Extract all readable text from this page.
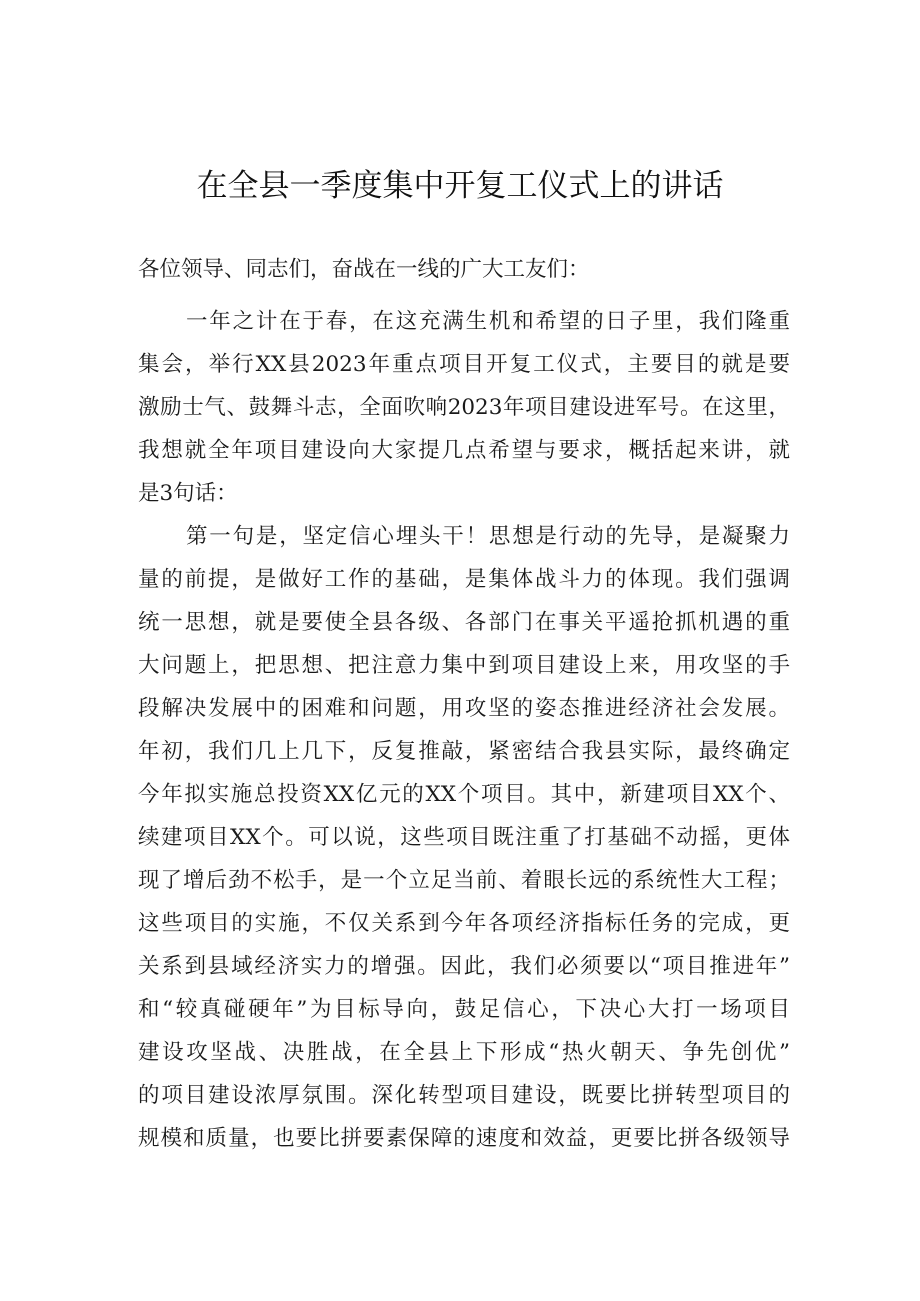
在全县一季度集中开复工仪式上的讲话
各位领导、同志们，奋战在一线的广大工友们：
一年之计在于春，在这充满生机和希望的日子里，我们隆重
集会，举行XX县2023年重点项目开复工仪式，主要目的就是要
激励士气、鼓舞斗志，全面吹响2023年项目建设进军号。在这里，
我想就全年项目建设向大家提几点希望与要求，概括起来讲，就
是3句话：
第一句是，坚定信心埋头干！思想是行动的先导，是凝聚力
量的前提，是做好工作的基础，是集体战斗力的体现。我们强调
统一思想，就是要使全县各级、各部门在事关平遥抢抓机遇的重
大问题上，把思想、把注意力集中到项目建设上来，用攻坚的手
段解决发展中的困难和问题，用攻坚的姿态推进经济社会发展。
年初，我们几上几下，反复推敲，紧密结合我县实际，最终确定
今年拟实施总投资XX亿元的XX个项目。其中，新建项目XX个、
续建项目XX个。可以说，这些项目既注重了打基础不动摇，更体
现了增后劲不松手，是一个立足当前、着眼长远的系统性大工程；
这些项目的实施，不仅关系到今年各项经济指标任务的完成，更
关系到县域经济实力的增强。因此，我们必须要以“项目推进年”
和“较真碰硬年”为目标导向，鼓足信心，下决心大打一场项目
建设攻坚战、决胜战，在全县上下形成“热火朝天、争先创优”
的项目建设浓厚氛围。深化转型项目建设，既要比拼转型项目的
规模和质量，也要比拼要素保障的速度和效益，更要比拼各级领导
